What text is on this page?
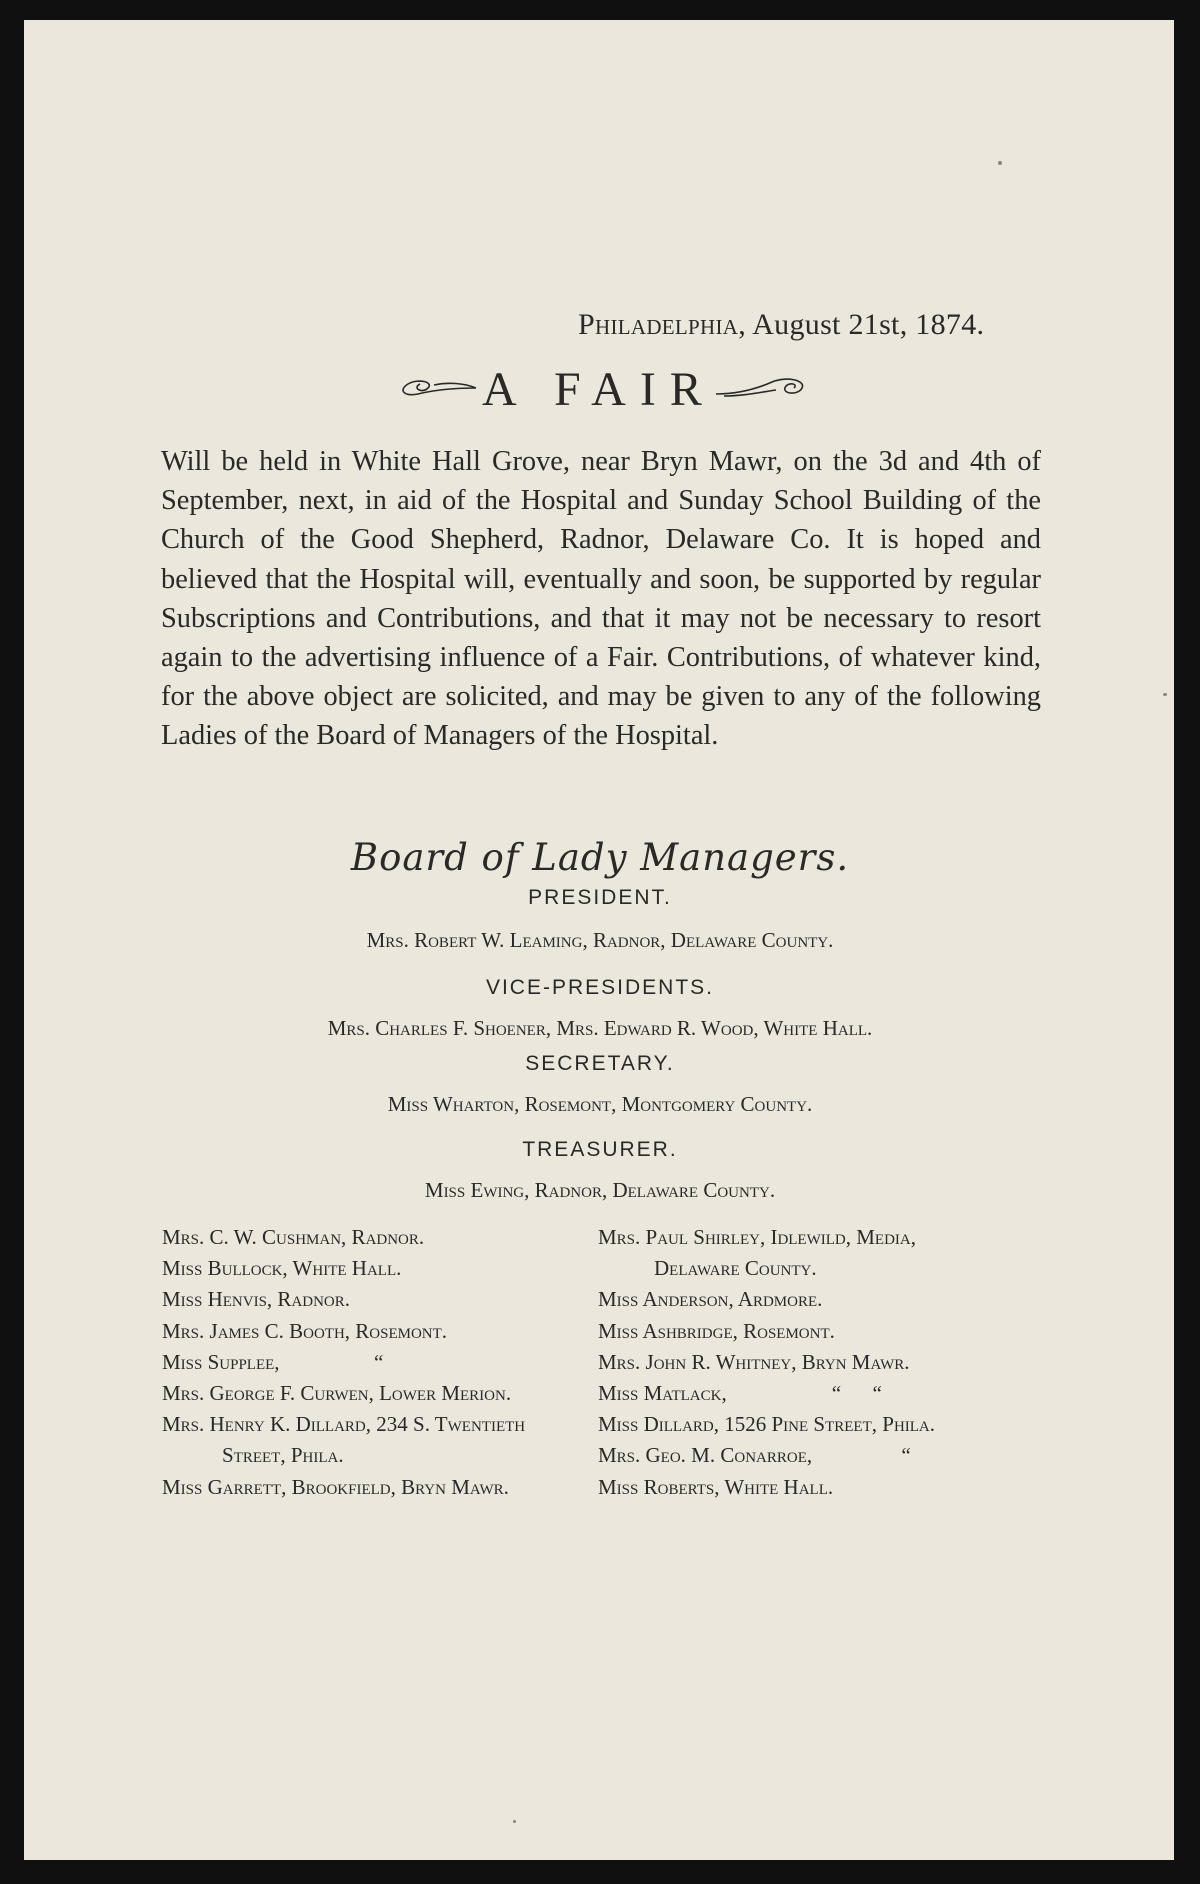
Philadelphia, August 21st, 1874.
A FAIR
Will be held in White Hall Grove, near Bryn Mawr, on the 3d and 4th of September, next, in aid of the Hospital and Sunday School Building of the Church of the Good Shepherd, Radnor, Delaware Co. It is hoped and believed that the Hospital will, eventually and soon, be supported by regular Subscriptions and Contributions, and that it may not be necessary to resort again to the advertising influence of a Fair. Contributions, of whatever kind, for the above object are solicited, and may be given to any of the following Ladies of the Board of Managers of the Hospital.
Board of Lady Managers.
PRESIDENT.
Mrs. Robert W. Leaming, Radnor, Delaware County.
VICE-PRESIDENTS.
Mrs. Charles F. Shoener, Mrs. Edward R. Wood, White Hall.
SECRETARY.
Miss Wharton, Rosemont, Montgomery County.
TREASURER.
Miss Ewing, Radnor, Delaware County.
Mrs. C. W. Cushman, Radnor.
Miss Bullock, White Hall.
Miss Henvis, Radnor.
Mrs. James C. Booth, Rosemont.
Miss Supplee,                  “
Mrs. George F. Curwen, Lower Merion.
Mrs. Henry K. Dillard, 234 S. Twentieth
Street, Phila.
Miss Garrett, Brookfield, Bryn Mawr.
Mrs. Paul Shirley, Idlewild, Media,
Delaware County.
Miss Anderson, Ardmore.
Miss Ashbridge, Rosemont.
Mrs. John R. Whitney, Bryn Mawr.
Miss Matlack,                    “      “
Miss Dillard, 1526 Pine Street, Phila.
Mrs. Geo. M. Conarroe,                 “
Miss Roberts, White Hall.
